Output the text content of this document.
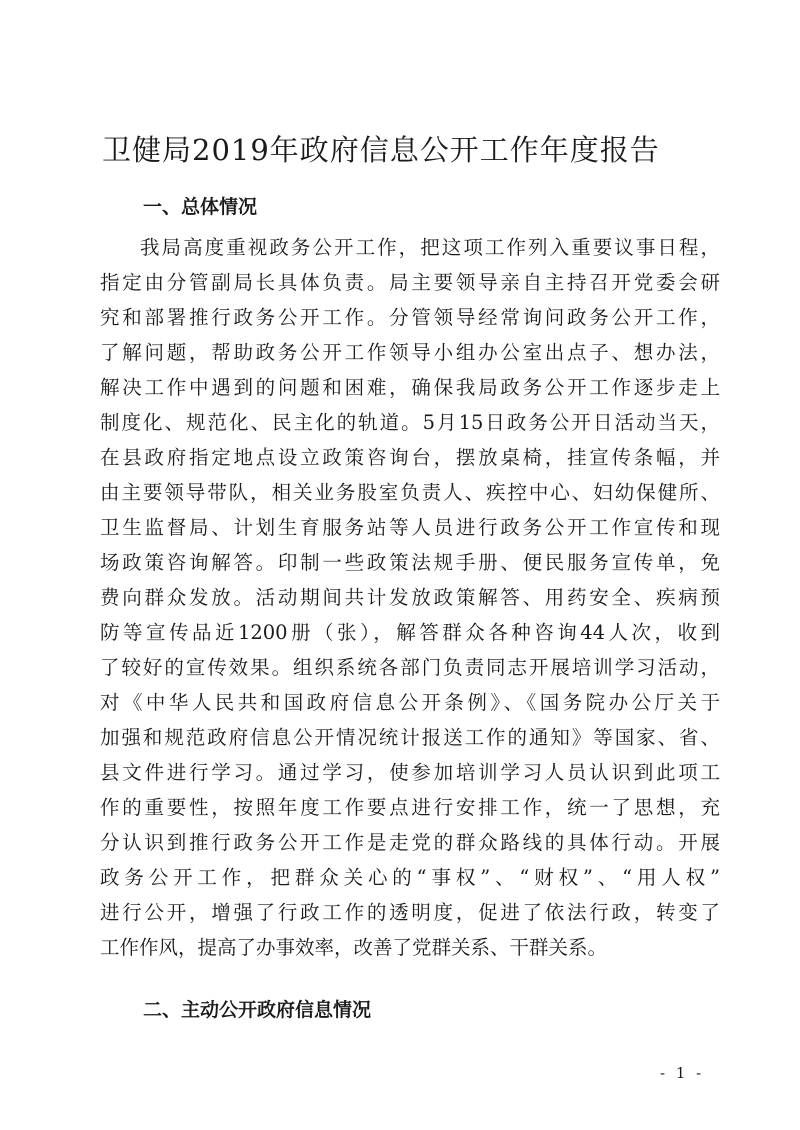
卫健局2019年政府信息公开工作年度报告
一、总体情况
我局高度重视政务公开工作，把这项工作列入重要议事日程，
指定由分管副局长具体负责。局主要领导亲自主持召开党委会研
究和部署推行政务公开工作。分管领导经常询问政务公开工作，
了解问题，帮助政务公开工作领导小组办公室出点子、想办法，
解决工作中遇到的问题和困难，确保我局政务公开工作逐步走上
制度化、规范化、民主化的轨道。5月15日政务公开日活动当天，
在县政府指定地点设立政策咨询台，摆放桌椅，挂宣传条幅，并
由主要领导带队，相关业务股室负责人、疾控中心、妇幼保健所、
卫生监督局、计划生育服务站等人员进行政务公开工作宣传和现
场政策咨询解答。印制一些政策法规手册、便民服务宣传单，免
费向群众发放。活动期间共计发放政策解答、用药安全、疾病预
防等宣传品近1200册（张），解答群众各种咨询44人次，收到
了较好的宣传效果。组织系统各部门负责同志开展培训学习活动，
对《中华人民共和国政府信息公开条例》、《国务院办公厅关于
加强和规范政府信息公开情况统计报送工作的通知》等国家、省、
县文件进行学习。通过学习，使参加培训学习人员认识到此项工
作的重要性，按照年度工作要点进行安排工作，统一了思想，充
分认识到推行政务公开工作是走党的群众路线的具体行动。开展
政务公开工作，把群众关心的“事权”、“财权”、“用人权”
进行公开，增强了行政工作的透明度，促进了依法行政，转变了
工作作风，提高了办事效率，改善了党群关系、干群关系。
二、主动公开政府信息情况
- 1 -
